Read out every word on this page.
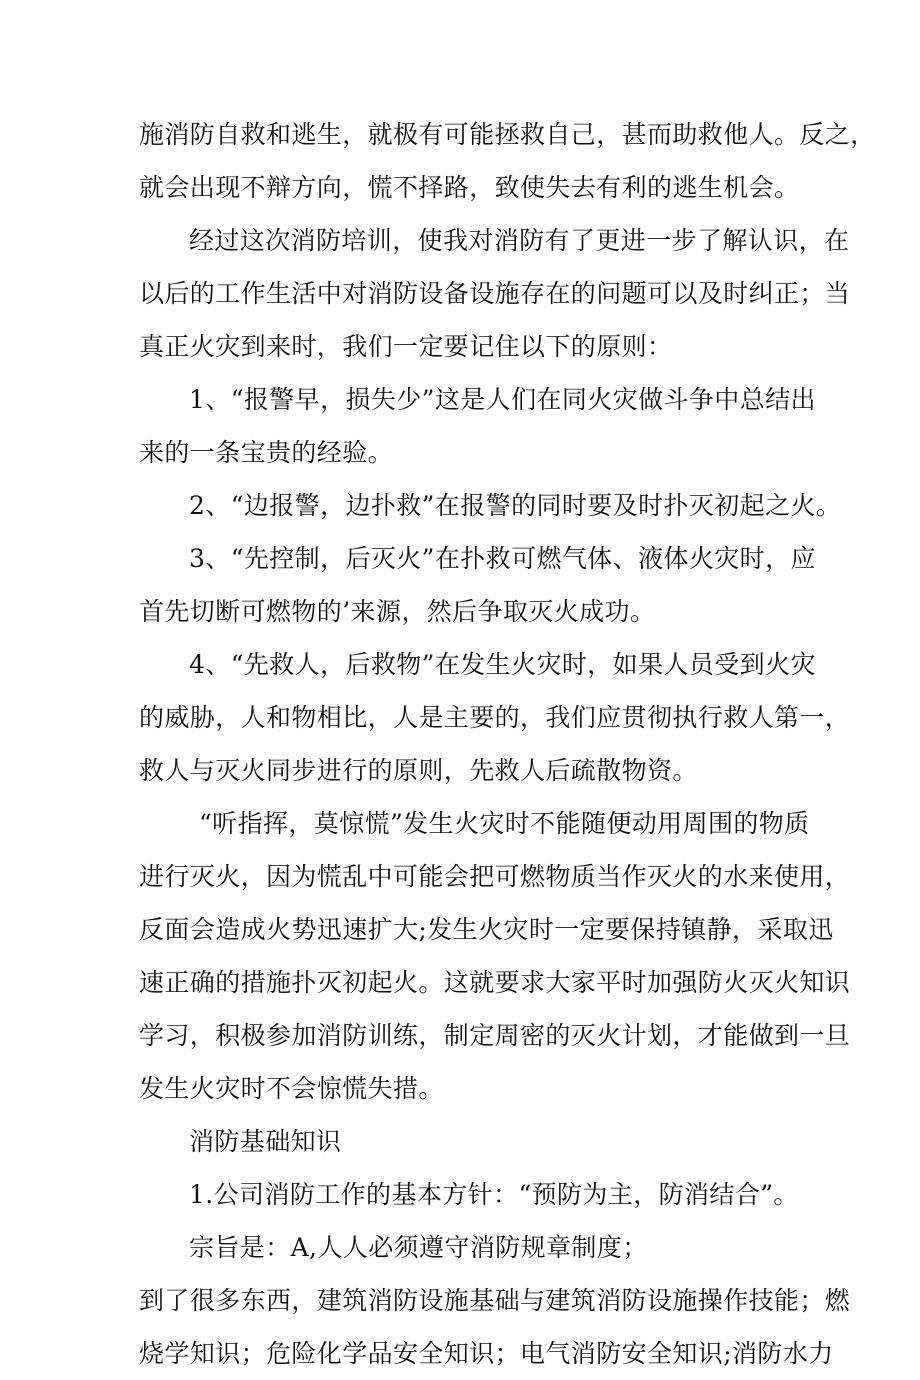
施消防自救和逃生，就极有可能拯救自己，甚而助救他人。反之，
就会出现不辩方向，慌不择路，致使失去有利的逃生机会。
经过这次消防培训，使我对消防有了更进一步了解认识，在
以后的工作生活中对消防设备设施存在的问题可以及时纠正；当
真正火灾到来时，我们一定要记住以下的原则：
1、“报警早，损失少”这是人们在同火灾做斗争中总结出
来的一条宝贵的经验。
2、“边报警，边扑救”在报警的同时要及时扑灭初起之火。
3、“先控制，后灭火”在扑救可燃气体、液体火灾时，应
首先切断可燃物的’来源，然后争取灭火成功。
4、“先救人，后救物”在发生火灾时，如果人员受到火灾
的威胁，人和物相比，人是主要的，我们应贯彻执行救人第一，
救人与灭火同步进行的原则，先救人后疏散物资。
“听指挥，莫惊慌”发生火灾时不能随便动用周围的物质
进行灭火，因为慌乱中可能会把可燃物质当作灭火的水来使用，
反面会造成火势迅速扩大;发生火灾时一定要保持镇静，采取迅
速正确的措施扑灭初起火。这就要求大家平时加强防火灭火知识
学习，积极参加消防训练，制定周密的灭火计划，才能做到一旦
发生火灾时不会惊慌失措。
消防基础知识
1.公司消防工作的基本方针：“预防为主，防消结合”。
宗旨是：A,人人必须遵守消防规章制度；
到了很多东西，建筑消防设施基础与建筑消防设施操作技能；燃
烧学知识；危险化学品安全知识；电气消防安全知识;消防水力
